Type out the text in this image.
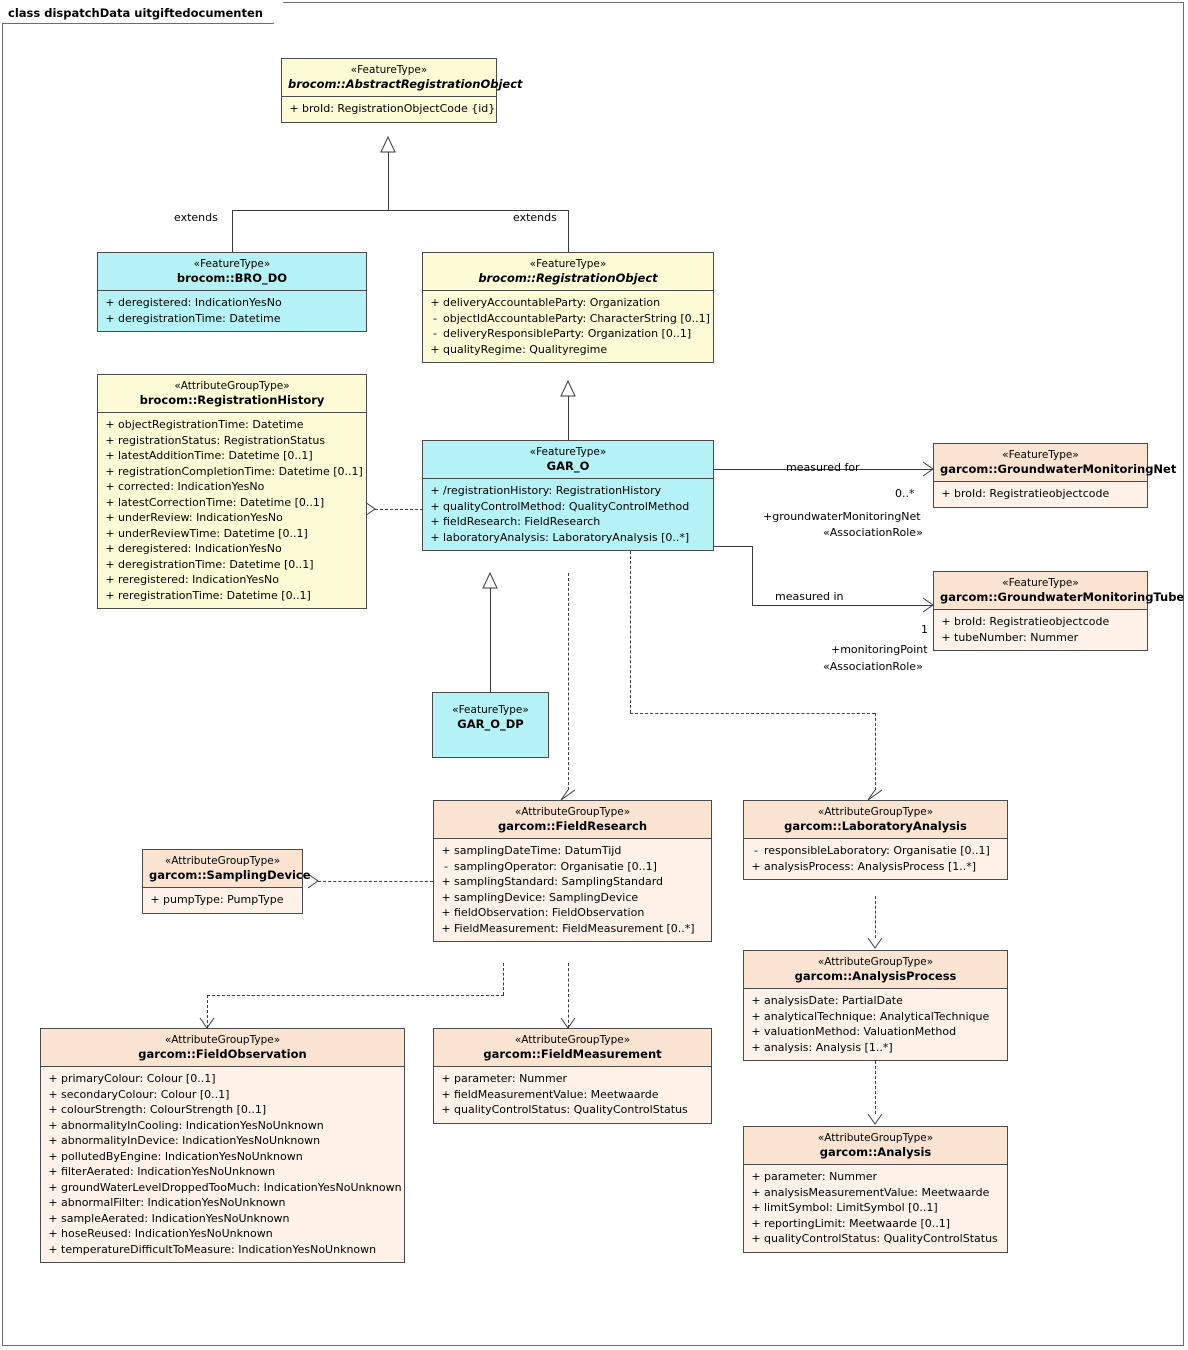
class dispatchData uitgiftedocumenten
extends	extends
measured for
0..*
+groundwaterMonitoringNet
«AssociationRole»
measured in
1
+monitoringPoint
«AssociationRole»
«FeatureType»
brocom::AbstractRegistrationObject
+ broId: RegistrationObjectCode {id}
«FeatureType»
brocom::BRO_DO
+ deregistered: IndicationYesNo
+ deregistrationTime: Datetime
«FeatureType»
brocom::RegistrationObject
+ deliveryAccountableParty: Organization
- objectIdAccountableParty: CharacterString [0..1]
- deliveryResponsibleParty: Organization [0..1]
+ qualityRegime: Qualityregime
«AttributeGroupType»
brocom::RegistrationHistory
+ objectRegistrationTime: Datetime
+ registrationStatus: RegistrationStatus
+ latestAdditionTime: Datetime [0..1]
+ registrationCompletionTime: Datetime [0..1]
+ corrected: IndicationYesNo
+ latestCorrectionTime: Datetime [0..1]
+ underReview: IndicationYesNo
+ underReviewTime: Datetime [0..1]
+ deregistered: IndicationYesNo
+ deregistrationTime: Datetime [0..1]
+ reregistered: IndicationYesNo
+ reregistrationTime: Datetime [0..1]
«FeatureType»
GAR_O
+ /registrationHistory: RegistrationHistory
+ qualityControlMethod: QualityControlMethod
+ fieldResearch: FieldResearch
+ laboratoryAnalysis: LaboratoryAnalysis [0..*]
«FeatureType»
GAR_O_DP
«FeatureType»
garcom::GroundwaterMonitoringNet
+ broId: Registratieobjectcode
«FeatureType»
garcom::GroundwaterMonitoringTube
+ broId: Registratieobjectcode
+ tubeNumber: Nummer
«AttributeGroupType»
garcom::SamplingDevice
+ pumpType: PumpType
«AttributeGroupType»
garcom::FieldResearch
+ samplingDateTime: DatumTijd
- samplingOperator: Organisatie [0..1]
+ samplingStandard: SamplingStandard
+ samplingDevice: SamplingDevice
+ fieldObservation: FieldObservation
+ FieldMeasurement: FieldMeasurement [0..*]
«AttributeGroupType»
garcom::LaboratoryAnalysis
- responsibleLaboratory: Organisatie [0..1]
+ analysisProcess: AnalysisProcess [1..*]
«AttributeGroupType»
garcom::AnalysisProcess
+ analysisDate: PartialDate
+ analyticalTechnique: AnalyticalTechnique
+ valuationMethod: ValuationMethod
+ analysis: Analysis [1..*]
«AttributeGroupType»
garcom::Analysis
+ parameter: Nummer
+ analysisMeasurementValue: Meetwaarde
+ limitSymbol: LimitSymbol [0..1]
+ reportingLimit: Meetwaarde [0..1]
+ qualityControlStatus: QualityControlStatus
«AttributeGroupType»
garcom::FieldObservation
+ primaryColour: Colour [0..1]
+ secondaryColour: Colour [0..1]
+ colourStrength: ColourStrength [0..1]
+ abnormalityInCooling: IndicationYesNoUnknown
+ abnormalityInDevice: IndicationYesNoUnknown
+ pollutedByEngine: IndicationYesNoUnknown
+ filterAerated: IndicationYesNoUnknown
+ groundWaterLevelDroppedTooMuch: IndicationYesNoUnknown
+ abnormalFilter: IndicationYesNoUnknown
+ sampleAerated: IndicationYesNoUnknown
+ hoseReused: IndicationYesNoUnknown
+ temperatureDifficultToMeasure: IndicationYesNoUnknown
«AttributeGroupType»
garcom::FieldMeasurement
+ parameter: Nummer
+ fieldMeasurementValue: Meetwaarde
+ qualityControlStatus: QualityControlStatus
